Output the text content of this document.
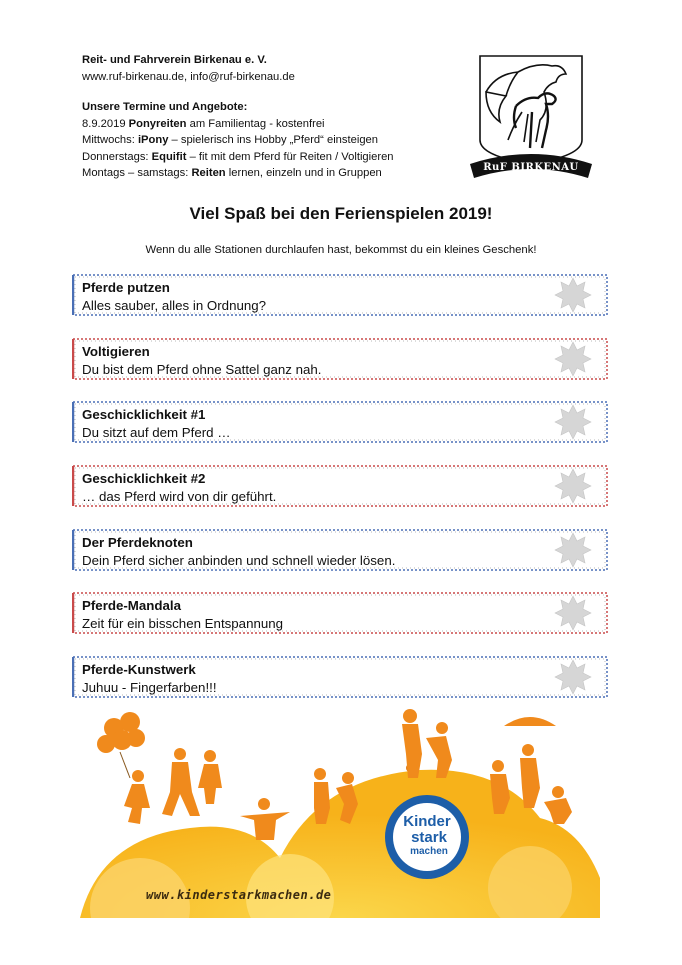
Reit- und Fahrverein Birkenau e. V.

www.ruf-birkenau.de, info@ruf-birkenau.de

Unsere Termine und Angebote:

8.9.2019 Ponyreiten am Familientag - kostenfrei

Mittwochs: iPony – spielerisch ins Hobby „Pferd“ einsteigen

Donnerstags: Equifit – fit mit dem Pferd für Reiten / Voltigieren

Montags – samstags: Reiten lernen, einzeln und in Gruppen	RuF BIRKENAU
Viel Spaß bei den Ferienspielen 2019!
Wenn du alle Stationen durchlaufen hast, bekommst du ein kleines Geschenk!
Pferde putzen
Alles sauber, alles in Ordnung?
Voltigieren
Du bist dem Pferd ohne Sattel ganz nah.
Geschicklichkeit #1
Du sitzt auf dem Pferd …
Geschicklichkeit #2
… das Pferd wird von dir geführt.
Der Pferdeknoten
Dein Pferd sicher anbinden und schnell wieder lösen.
Pferde-Mandala
Zeit für ein bisschen Entspannung
Pferde-Kunstwerk
Juhuu - Fingerfarben!!!
Kinder
stark
machen
www.kinderstarkmachen.de
